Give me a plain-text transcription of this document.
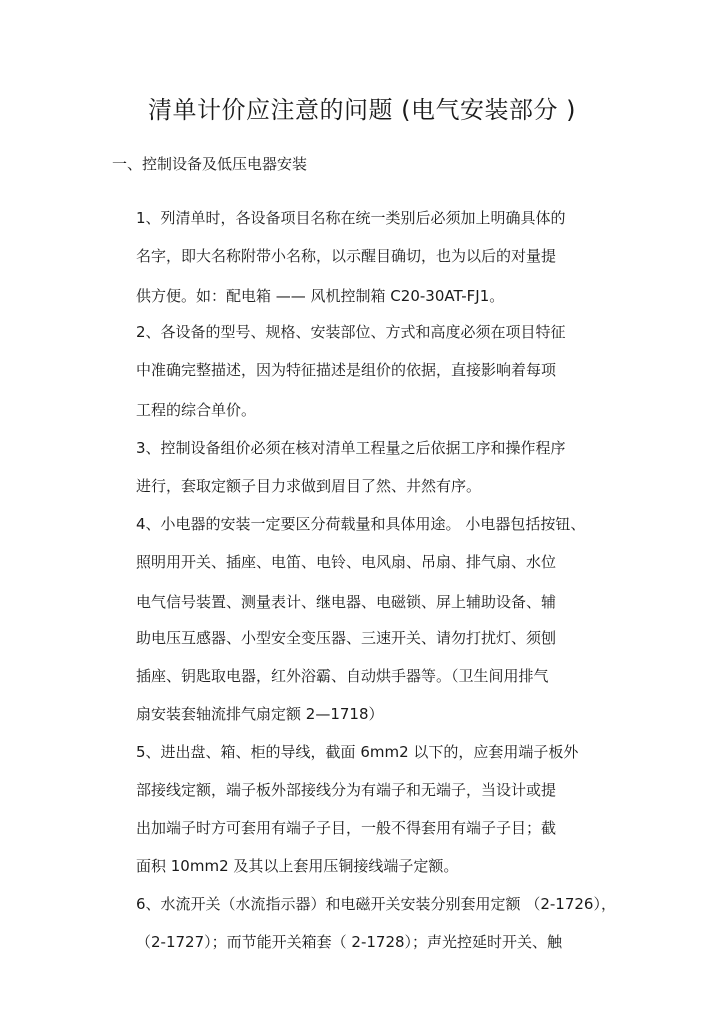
清单计价应注意的问题 (电气安装部分 )

一、控制设备及低压电器安装

1、列清单时，各设备项目名称在统一类别后必须加上明确具体的

名字，即大名称附带小名称，以示醒目确切，也为以后的对量提

供方便。如：配电箱 —— 风机控制箱 C20-30AT-FJ1。

2、各设备的型号、规格、安装部位、方式和高度必须在项目特征

中准确完整描述，因为特征描述是组价的依据，直接影响着每项

工程的综合单价。

3、控制设备组价必须在核对清单工程量之后依据工序和操作程序

进行，套取定额子目力求做到眉目了然、井然有序。

4、小电器的安装一定要区分荷载量和具体用途。 小电器包括按钮、

照明用开关、插座、电笛、电铃、电风扇、吊扇、排气扇、水位

电气信号装置、测量表计、继电器、电磁锁、屏上辅助设备、辅

助电压互感器、小型安全变压器、三速开关、请勿打扰灯、须刨

插座、钥匙取电器，红外浴霸、自动烘手器等。（卫生间用排气

扇安装套轴流排气扇定额 2—1718）

5、进出盘、箱、柜的导线，截面 6mm2 以下的，应套用端子板外

部接线定额，端子板外部接线分为有端子和无端子，当设计或提

出加端子时方可套用有端子子目，一般不得套用有端子子目；截

面积 10mm2 及其以上套用压铜接线端子定额。

6、水流开关（水流指示器）和电磁开关安装分别套用定额 （2-1726），

（2-1727）；而节能开关箱套（ 2-1728）；声光控延时开关、触
